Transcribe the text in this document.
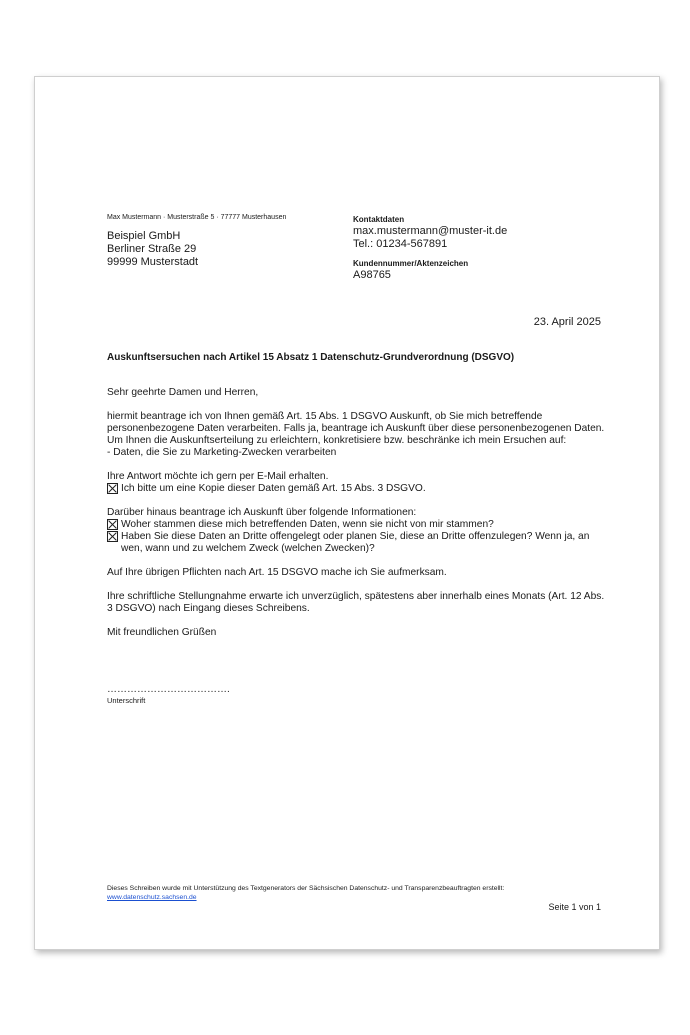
Max Mustermann · Musterstraße 5 · 77777 Musterhausen
Beispiel GmbH
Berliner Straße 29
99999 Musterstadt
Kontaktdaten
max.mustermann@muster-it.de
Tel.: 01234-567891
Kundennummer/Aktenzeichen
A98765
23. April 2025
Auskunftsersuchen nach Artikel 15 Absatz 1 Datenschutz-Grundverordnung (DSGVO)

Sehr geehrte Damen und Herren,

hiermit beantrage ich von Ihnen gemäß Art. 15 Abs. 1 DSGVO Auskunft, ob Sie mich betreffende personenbezogene Daten verarbeiten. Falls ja, beantrage ich Auskunft über diese personenbezogenen Daten.

Um Ihnen die Auskunftserteilung zu erleichtern, konkretisiere bzw. beschränke ich mein Ersuchen auf:

- Daten, die Sie zu Marketing-Zwecken verarbeiten

Ihre Antwort möchte ich gern per E-Mail erhalten.

Ich bitte um eine Kopie dieser Daten gemäß Art. 15 Abs. 3 DSGVO.

Darüber hinaus beantrage ich Auskunft über folgende Informationen:

Woher stammen diese mich betreffenden Daten, wenn sie nicht von mir stammen?
Haben Sie diese Daten an Dritte offengelegt oder planen Sie, diese an Dritte offenzulegen? Wenn ja, an wen, wann und zu welchem Zweck (welchen Zwecken)?

Auf Ihre übrigen Pflichten nach Art. 15 DSGVO mache ich Sie aufmerksam.

Ihre schriftliche Stellungnahme erwarte ich unverzüglich, spätestens aber innerhalb eines Monats (Art. 12 Abs. 3 DSGVO) nach Eingang dieses Schreibens.

Mit freundlichen Grüßen

……………………………….
Unterschrift
Dieses Schreiben wurde mit Unterstützung des Textgenerators der Sächsischen Datenschutz- und Transparenzbeauftragten erstellt:
www.datenschutz.sachsen.de
Seite 1 von 1
